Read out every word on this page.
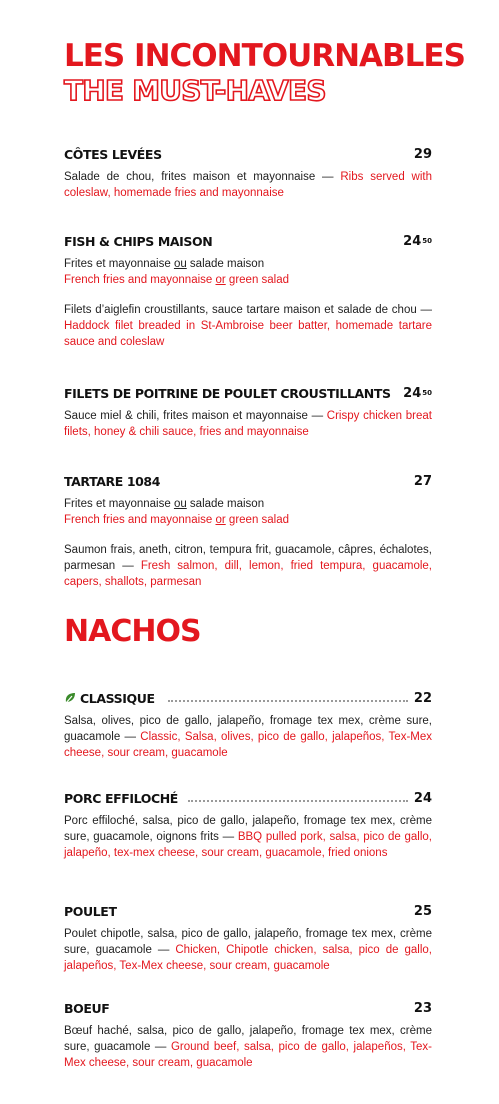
LES INCONTOURNABLES
THE MUST-HAVES
CÔTES LEVÉES	29
Salade de chou, frites maison et mayonnaise — Ribs served with coleslaw, homemade fries and mayonnaise
FISH & CHIPS MAISON	$24^{50}$
Frites et mayonnaise ou salade maison
French fries and mayonnaise or green salad
Filets d’aiglefin croustillants, sauce tartare maison et salade de chou — Haddock filet breaded in St-Ambroise beer batter, homemade tartare sauce and coleslaw
FILETS DE POITRINE DE POULET CROUSTILLANTS $24^{50}$
Sauce miel & chili, frites maison et mayonnaise — Crispy chicken breat filets, honey & chili sauce, fries and mayonnaise
TARTARE 1084	27
Frites et mayonnaise ou salade maison
French fries and mayonnaise or green salad
Saumon frais, aneth, citron, tempura frit, guacamole, câpres, échalotes, parmesan — Fresh salmon, dill, lemon, fried tempura, guacamole, capers, shallots, parmesan
NACHOS
CLASSIQUE	22
Salsa, olives, pico de gallo, jalapeño, fromage tex mex, crème sure, guacamole — Classic, Salsa, olives, pico de gallo, jalapeños, Tex-Mex cheese, sour cream, guacamole
PORC EFFILOCHÉ	24
Porc effiloché, salsa, pico de gallo, jalapeño, fromage tex mex, crème sure, guacamole, oignons frits — BBQ pulled pork, salsa, pico de gallo, jalapeño, tex-mex cheese, sour cream, guacamole, fried onions
POULET	25
Poulet chipotle, salsa, pico de gallo, jalapeño, fromage tex mex, crème sure, guacamole — Chicken, Chipotle chicken, salsa, pico de gallo, jalapeños, Tex-Mex cheese, sour cream, guacamole
BOEUF	23
Bœuf haché, salsa, pico de gallo, jalapeño, fromage tex mex, crème sure, guacamole — Ground beef, salsa, pico de gallo, jalapeños, Tex-Mex cheese, sour cream, guacamole
